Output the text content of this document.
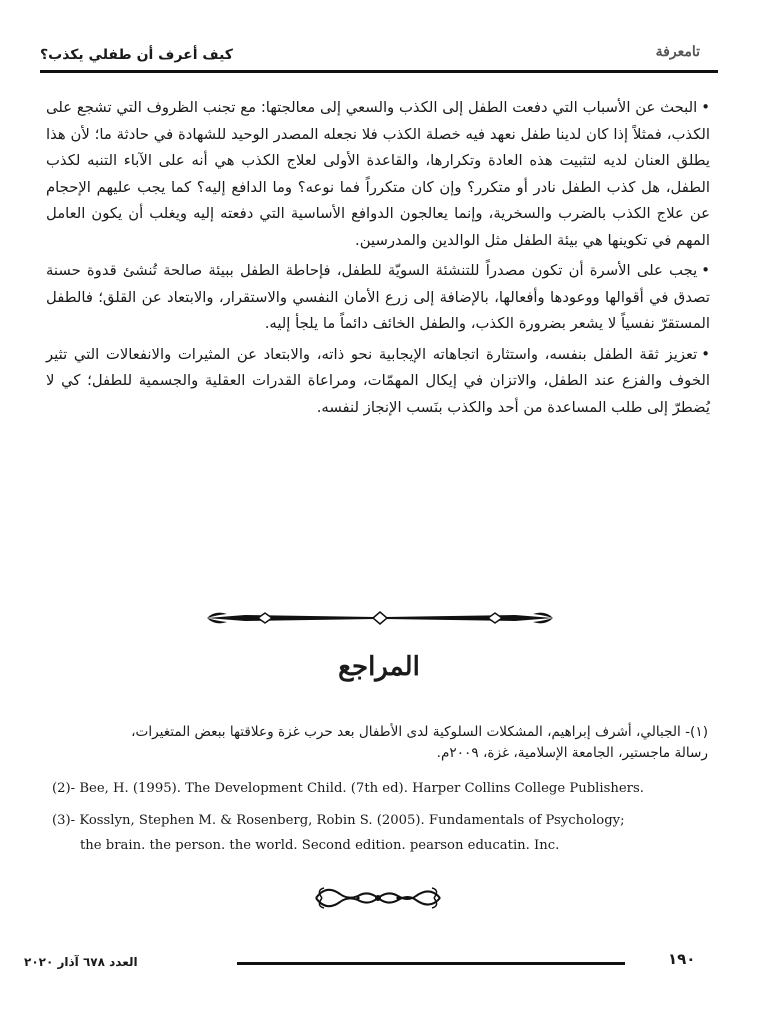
كيف أعرف أن طفلي يكذب؟	تامعرفة

•البحث عن الأسباب التي دفعت الطفل إلى الكذب والسعي إلى معالجتها: مع تجنب الظروف التي تشجع على الكذب، فمثلاً إذا كان لدينا طفل نعهد فيه خصلة الكذب فلا نجعله المصدر الوحيد للشهادة في حادثة ما؛ لأن هذا يطلق العنان لديه لتثبيت هذه العادة وتكرارها، والقاعدة الأولى لعلاج الكذب هي أنه على الآباء التنبه لكذب الطفل، هل كذب الطفل نادر أو متكرر؟ وإن كان متكرراً فما نوعه؟ وما الدافع إليه؟ كما يجب عليهم الإحجام عن علاج الكذب بالضرب والسخرية، وإنما يعالجون الدوافع الأساسية التي دفعته إليه ويغلب أن يكون العامل المهم في تكوينها هي بيئة الطفل مثل الوالدين والمدرسين.

•يجب على الأسرة أن تكون مصدراً للتنشئة السويّة للطفل، فإحاطة الطفل ببيئة صالحة تُنشئ قدوة حسنة تصدق في أقوالها ووعودها وأفعالها، بالإضافة إلى زرع الأمان النفسي والاستقرار، والابتعاد عن القلق؛ فالطفل المستقرّ نفسياً لا يشعر بضرورة الكذب، والطفل الخائف دائماً ما يلجأ إليه.

•تعزيز ثقة الطفل بنفسه، واستثارة اتجاهاته الإيجابية نحو ذاته، والابتعاد عن المثيرات والانفعالات التي تثير الخوف والفزع عند الطفل، والاتزان في إيكال المهمّات، ومراعاة القدرات العقلية والجسمية للطفل؛ كي لا يُضطرّ إلى طلب المساعدة من أحد والكذب بنَسب الإنجاز لنفسه.

المراجع
(١)- الجبالي، أشرف إبراهيم، المشكلات السلوكية لدى الأطفال بعد حرب غزة وعلاقتها ببعض المتغيرات،
رسالة ماجستير، الجامعة الإسلامية، غزة، ٢٠٠٩م.
(2)- Bee, H. (1995). The Development Child. (7th ed). Harper Collins College Publishers.
(3)- Kosslyn, Stephen M. & Rosenberg, Robin S. (2005). Fundamentals of Psychology;
the brain. the person. the world. Second edition. pearson educatin. Inc.
العدد ٦٧٨ آذار ٢٠٢٠	١٩٠
